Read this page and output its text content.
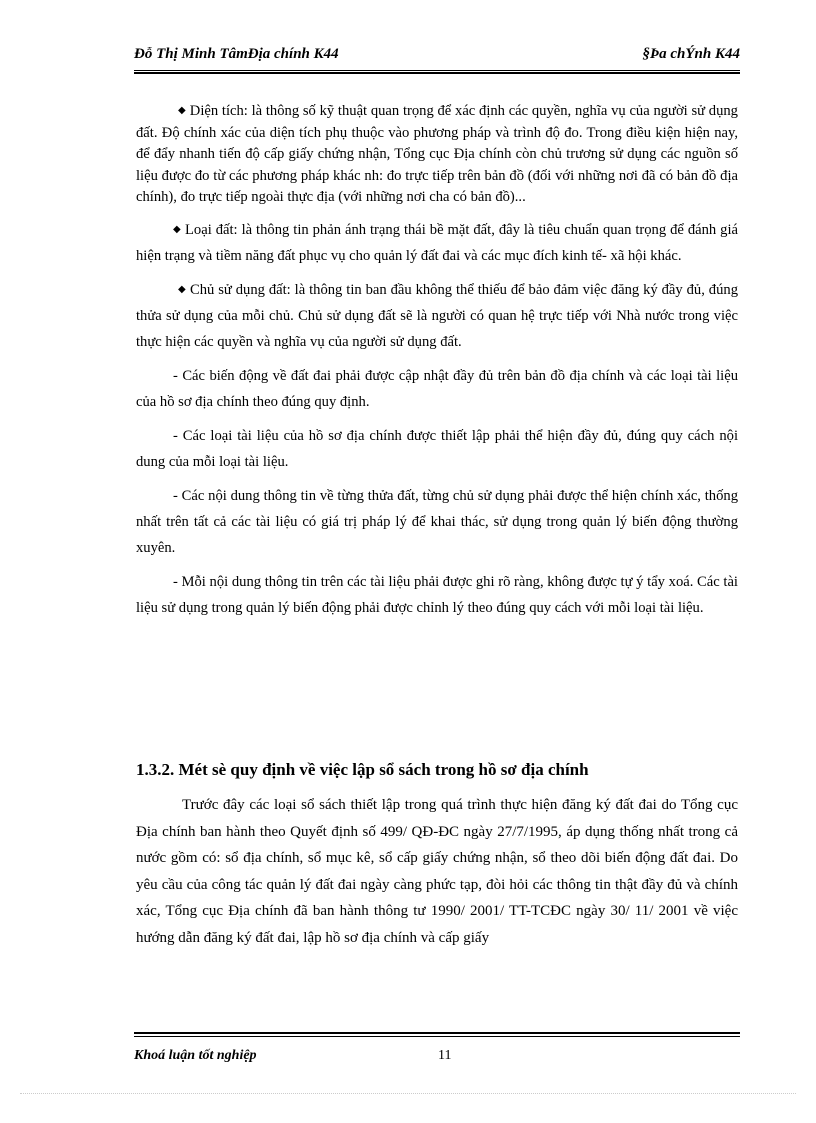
Đỗ Thị Minh TâmĐịa chính K44	§Þa chÝnh K44

◆ Diện tích: là thông số kỹ thuật quan trọng để xác định các quyền, nghĩa vụ của người sử dụng đất. Độ chính xác của diện tích phụ thuộc vào phương pháp và trình độ đo. Trong điều kiện hiện nay, để đẩy nhanh tiến độ cấp giấy chứng nhận, Tổng cục Địa chính còn chủ trương sử dụng các nguồn số liệu được đo từ các phương pháp khác nh: đo trực tiếp trên bản đồ (đối với những nơi đã có bản đồ địa chính), đo trực tiếp ngoài thực địa (với những nơi cha có bản đồ)...

◆ Loại đất: là thông tin phản ánh trạng thái bề mặt đất, đây là tiêu chuẩn quan trọng để đánh giá hiện trạng và tiềm năng đất phục vụ cho quản lý đất đai và các mục đích kinh tế- xã hội khác.

◆ Chủ sử dụng đất: là thông tin ban đầu không thể thiếu để bảo đảm việc đăng ký đầy đủ, đúng thửa sử dụng của mỗi chủ. Chủ sử dụng đất sẽ là người có quan hệ trực tiếp với Nhà nước trong việc thực hiện các quyền và nghĩa vụ của người sử dụng đất.

- Các biến động về đất đai phải được cập nhật đầy đủ trên bản đồ địa chính và các loại tài liệu của hồ sơ địa chính theo đúng quy định.

- Các loại tài liệu của hồ sơ địa chính được thiết lập phải thể hiện đầy đủ, đúng quy cách nội dung của mỗi loại tài liệu.

- Các nội dung thông tin về từng thửa đất, từng chủ sử dụng phải được thể hiện chính xác, thống nhất trên tất cả các tài liệu có giá trị pháp lý để khai thác, sử dụng trong quản lý biến động thường xuyên.

- Mỗi nội dung thông tin trên các tài liệu phải được ghi rõ ràng, không được tự ý tẩy xoá. Các tài liệu sử dụng trong quản lý biến động phải được chỉnh lý theo đúng quy cách với mỗi loại tài liệu.

1.3.2. Mét sè quy định về việc lập sổ sách trong hồ sơ địa chính

Trước đây các loại sổ sách thiết lập trong quá trình thực hiện đăng ký đất đai do Tổng cục Địa chính ban hành theo Quyết định số 499/ QĐ-ĐC ngày 27/7/1995, áp dụng thống nhất trong cả nước gồm có: sổ địa chính, sổ mục kê, sổ cấp giấy chứng nhận, sổ theo dõi biến động đất đai. Do yêu cầu của công tác quản lý đất đai ngày càng phức tạp, đòi hỏi các thông tin thật đầy đủ và chính xác, Tổng cục Địa chính đã ban hành thông tư 1990/ 2001/ TT-TCĐC ngày 30/ 11/ 2001 về việc hướng dẫn đăng ký đất đai, lập hồ sơ địa chính và cấp giấy

Khoá luận tốt nghiệp	11
